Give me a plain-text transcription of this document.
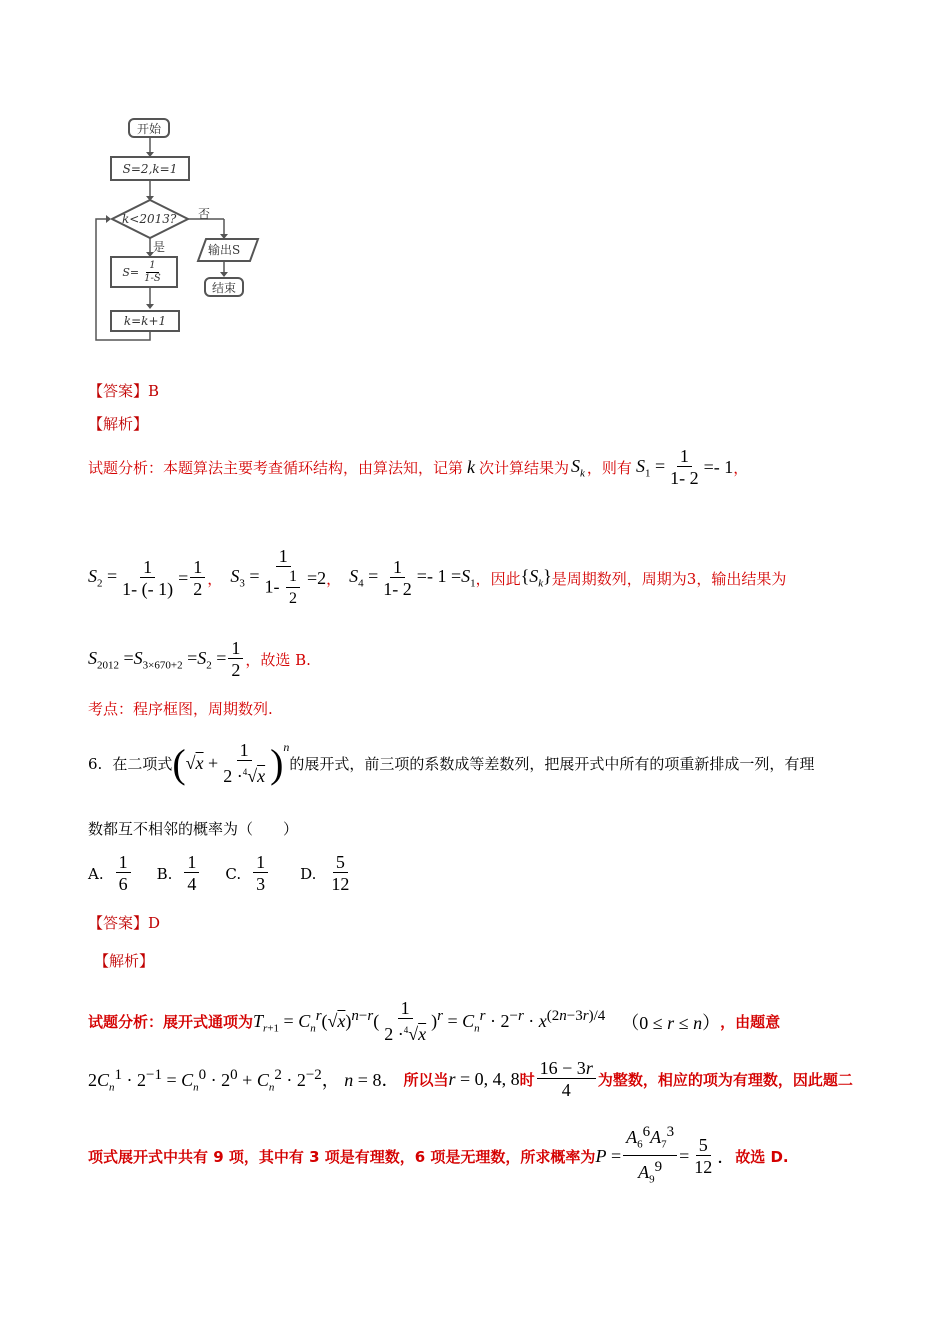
开始
S=2,k=1
k<2013? 否
是	输出S
结束
$S= \frac{1}{1-S}$
k=k+1
【答案】B
【解析】
试题分析：本题算法主要考查循环结构，由算法知，记第 k 次计算结果为 $S_k$ ，则有 $S_1 = \frac{1}{1- 2} =- 1$ ，
$S_2 = \frac{1}{1- (- 1)} = \frac{1}{2}$ ， $S_3 = \frac{1}{1- \frac{1}{2}} =2$ ， $S_4 = \frac{1}{1- 2} =- 1 =S_1$ ，因此 $\{S_k\}$ 是周期数列，周期为3，输出结果为
$S_{2012} =S_{3\times 670+2} =S_2 = \frac{1}{2}$ ，故选 B.
考点：程序框图，周期数列.
6. 在二项式 ( $√x + \frac{1}{2 \cdot^4√x}$ ) n
的展开式，前三项的系数成等差数列，把展开式中所有的项重新排成一列，有理
数都互不相邻的概率为（　　）
A. $\frac{1}{6} B$. $\frac{1}{4} C$. $\frac{1}{3} D$. $\frac{5}{12}$
【答案】D
【解析】
试题分析：展开式通项为 $T_{r+1} = C_n^r(√x)^{n-r}( \frac{1}{2 \cdot^4√x} )^r = C_n^r \cdot 2^{-r} \cdot x^{(2n-3r)/4}$ （0 ≤ r ≤ n） ，由题意
$2C_n^1 \cdot 2^{-1} = C_n^0 \cdot 2^0 + C_n^2 \cdot 2^{-2}$， n = 8． 所以当 r = 0, 4, 8 时 $\frac{16 - 3r}{4}$ 为整数，相应的项为有理数，因此题二
项式展开式中共有 9 项，其中有 3 项是有理数，6 项是无理数，所求概率为 $P = \frac{A_6^6A_7^3}{A_9^9} = \frac{5}{12}$ ． 故选 D.
